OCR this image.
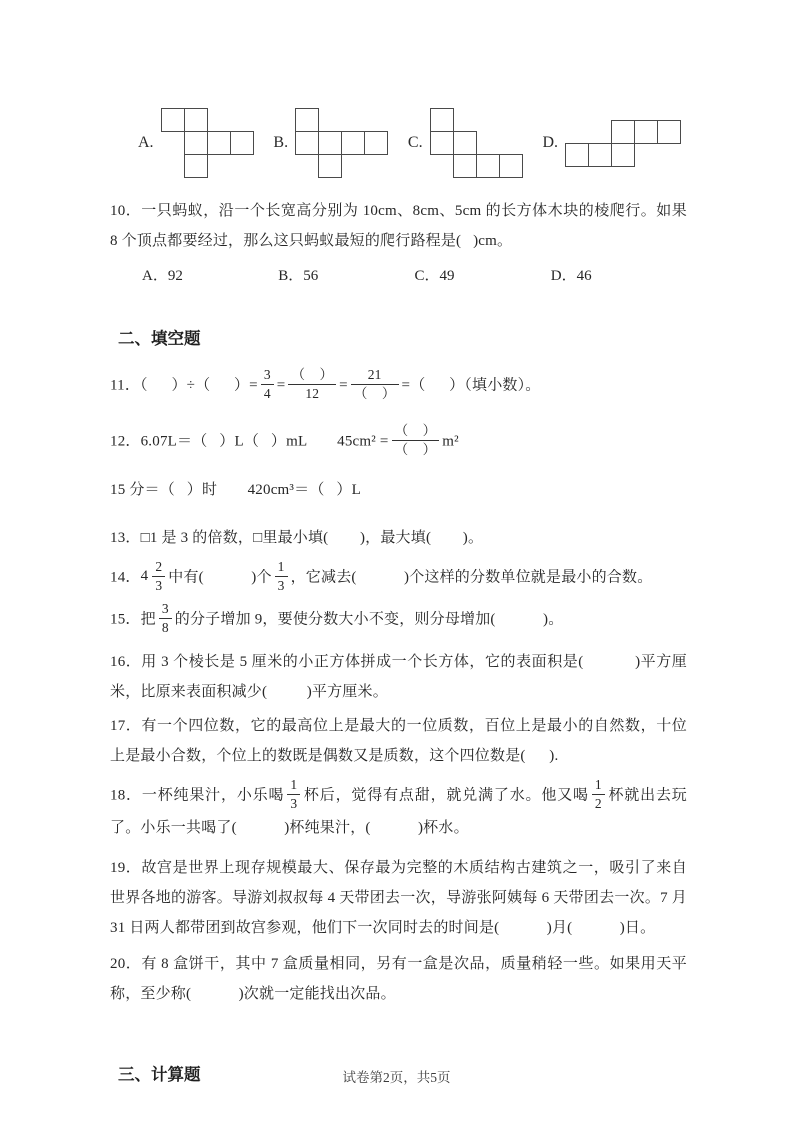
A.	B.	C.	D.

10．一只蚂蚁，沿一个长宽高分别为 10cm、8cm、5cm 的长方体木块的棱爬行。如果 8 个顶点都要经过，那么这只蚂蚁最短的爬行路程是(   )cm。

A．92	B．56	C．49	D．46
二、填空题

11．（      ）÷（      ）= $\frac{3}{4} = \frac{( )}{12} = \frac{21}{( )}$ =（      ）（填小数）。

12．6.07L＝（   ）L（   ）mL　　$45cm^2 = \frac{( )}{( )} m^2$

15 分＝（   ）时　　420cm³＝（   ）L

13．□1 是 3 的倍数，□里最小填(        )，最大填(        )。

14．$4 \frac{2}{3}$ 中有(            )个 $\frac{1}{3}$ ，它减去(            )个这样的分数单位就是最小的合数。

15．把 $\frac{3}{8}$ 的分子增加 9，要使分数大小不变，则分母增加(            )。

16．用 3 个棱长是 5 厘米的小正方体拼成一个长方体，它的表面积是(            )平方厘米，比原来表面积减少(          )平方厘米。

17．有一个四位数，它的最高位上是最大的一位质数，百位上是最小的自然数，十位上是最小合数，个位上的数既是偶数又是质数，这个四位数是(      ).

18．一杯纯果汁，小乐喝 $\frac{1}{3}$ 杯后，觉得有点甜，就兑满了水。他又喝 $\frac{1}{2}$ 杯就出去玩了。小乐一共喝了(            )杯纯果汁，(            )杯水。

19．故宫是世界上现存规模最大、保存最为完整的木质结构古建筑之一，吸引了来自世界各地的游客。导游刘叔叔每 4 天带团去一次，导游张阿姨每 6 天带团去一次。7 月 31 日两人都带团到故宫参观，他们下一次同时去的时间是(            )月(            )日。

20．有 8 盒饼干，其中 7 盒质量相同，另有一盒是次品，质量稍轻一些。如果用天平称，至少称(            )次就一定能找出次品。

三、计算题	试卷第2页，共5页
